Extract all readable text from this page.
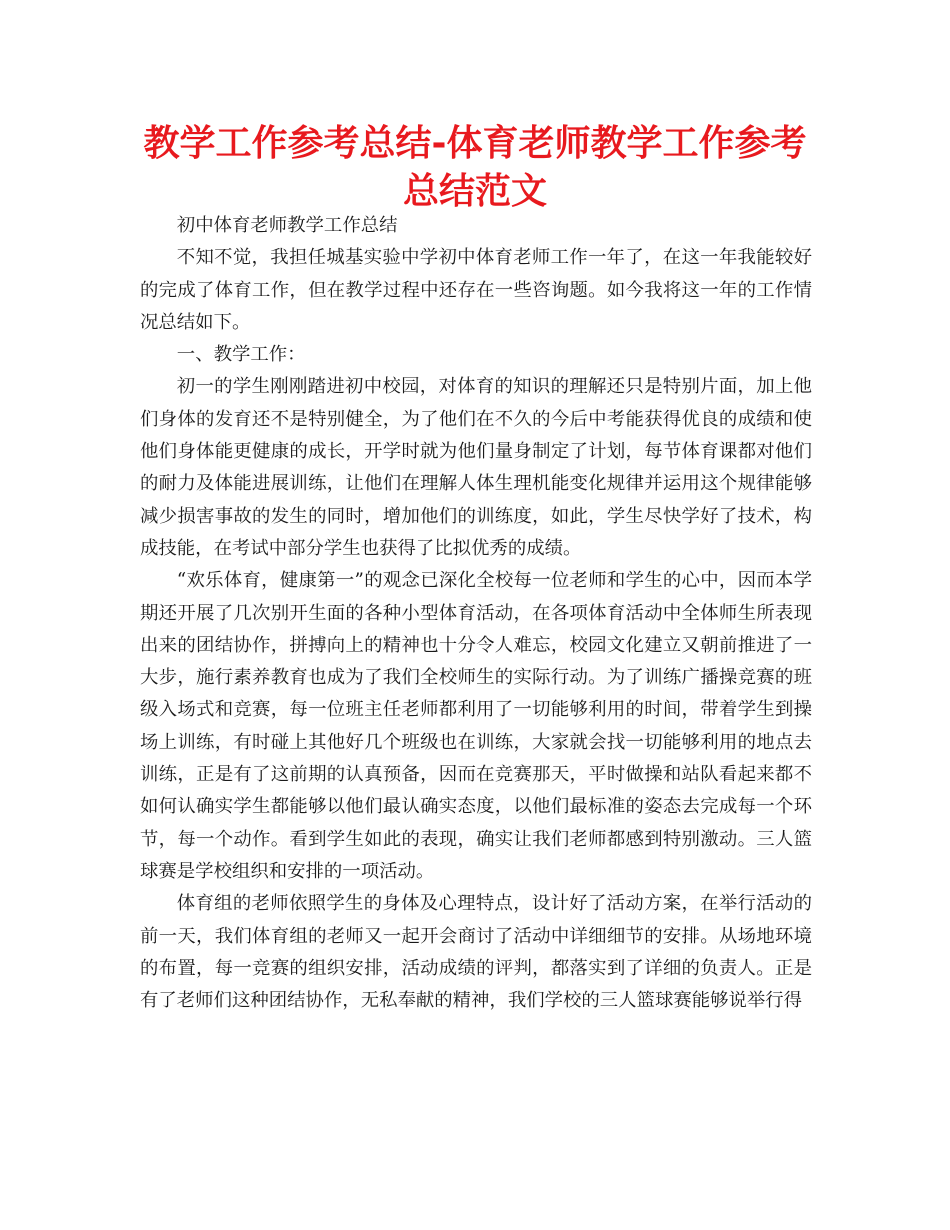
教学工作参考总结-体育老师教学工作参考总结范文

初中体育老师教学工作总结

不知不觉，我担任城基实验中学初中体育老师工作一年了，在这一年我能较好的完成了体育工作，但在教学过程中还存在一些咨询题。如今我将这一年的工作情况总结如下。

一、教学工作：

初一的学生刚刚踏进初中校园，对体育的知识的理解还只是特别片面，加上他们身体的发育还不是特别健全，为了他们在不久的今后中考能获得优良的成绩和使他们身体能更健康的成长，开学时就为他们量身制定了计划，每节体育课都对他们的耐力及体能进展训练，让他们在理解人体生理机能变化规律并运用这个规律能够减少损害事故的发生的同时，增加他们的训练度，如此，学生尽快学好了技术，构成技能，在考试中部分学生也获得了比拟优秀的成绩。

“欢乐体育，健康第一”的观念已深化全校每一位老师和学生的心中，因而本学期还开展了几次别开生面的各种小型体育活动，在各项体育活动中全体师生所表现出来的团结协作，拼搏向上的精神也十分令人难忘，校园文化建立又朝前推进了一大步，施行素养教育也成为了我们全校师生的实际行动。为了训练广播操竞赛的班级入场式和竞赛，每一位班主任老师都利用了一切能够利用的时间，带着学生到操场上训练，有时碰上其他好几个班级也在训练，大家就会找一切能够利用的地点去训练，正是有了这前期的认真预备，因而在竞赛那天，平时做操和站队看起来都不如何认确实学生都能够以他们最认确实态度，以他们最标准的姿态去完成每一个环节，每一个动作。看到学生如此的表现，确实让我们老师都感到特别激动。三人篮球赛是学校组织和安排的一项活动。

体育组的老师依照学生的身体及心理特点，设计好了活动方案，在举行活动的前一天，我们体育组的老师又一起开会商讨了活动中详细细节的安排。从场地环境的布置，每一竞赛的组织安排，活动成绩的评判，都落实到了详细的负责人。正是有了老师们这种团结协作，无私奉献的精神，我们学校的三人篮球赛能够说举行得
